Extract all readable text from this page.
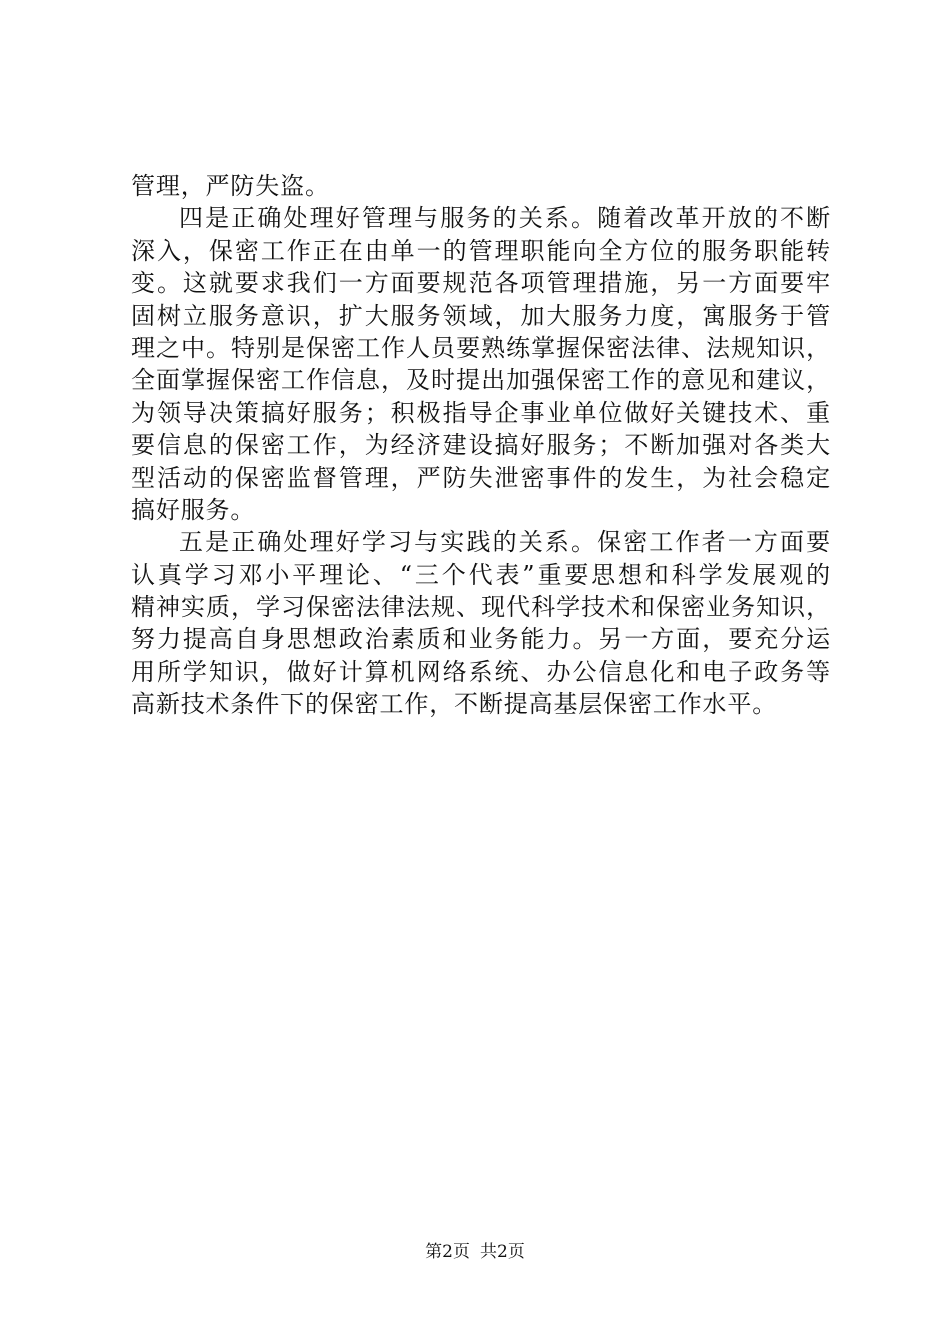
管理，严防失盗。
四是正确处理好管理与服务的关系。随着改革开放的不断
深入，保密工作正在由单一的管理职能向全方位的服务职能转
变。这就要求我们一方面要规范各项管理措施，另一方面要牢
固树立服务意识，扩大服务领域，加大服务力度，寓服务于管
理之中。特别是保密工作人员要熟练掌握保密法律、法规知识，
全面掌握保密工作信息，及时提出加强保密工作的意见和建议，
为领导决策搞好服务；积极指导企事业单位做好关键技术、重
要信息的保密工作，为经济建设搞好服务；不断加强对各类大
型活动的保密监督管理，严防失泄密事件的发生，为社会稳定
搞好服务。
五是正确处理好学习与实践的关系。保密工作者一方面要
认真学习邓小平理论、“三个代表”重要思想和科学发展观的
精神实质，学习保密法律法规、现代科学技术和保密业务知识，
努力提高自身思想政治素质和业务能力。另一方面，要充分运
用所学知识，做好计算机网络系统、办公信息化和电子政务等
高新技术条件下的保密工作，不断提高基层保密工作水平。
第2页 共2页
